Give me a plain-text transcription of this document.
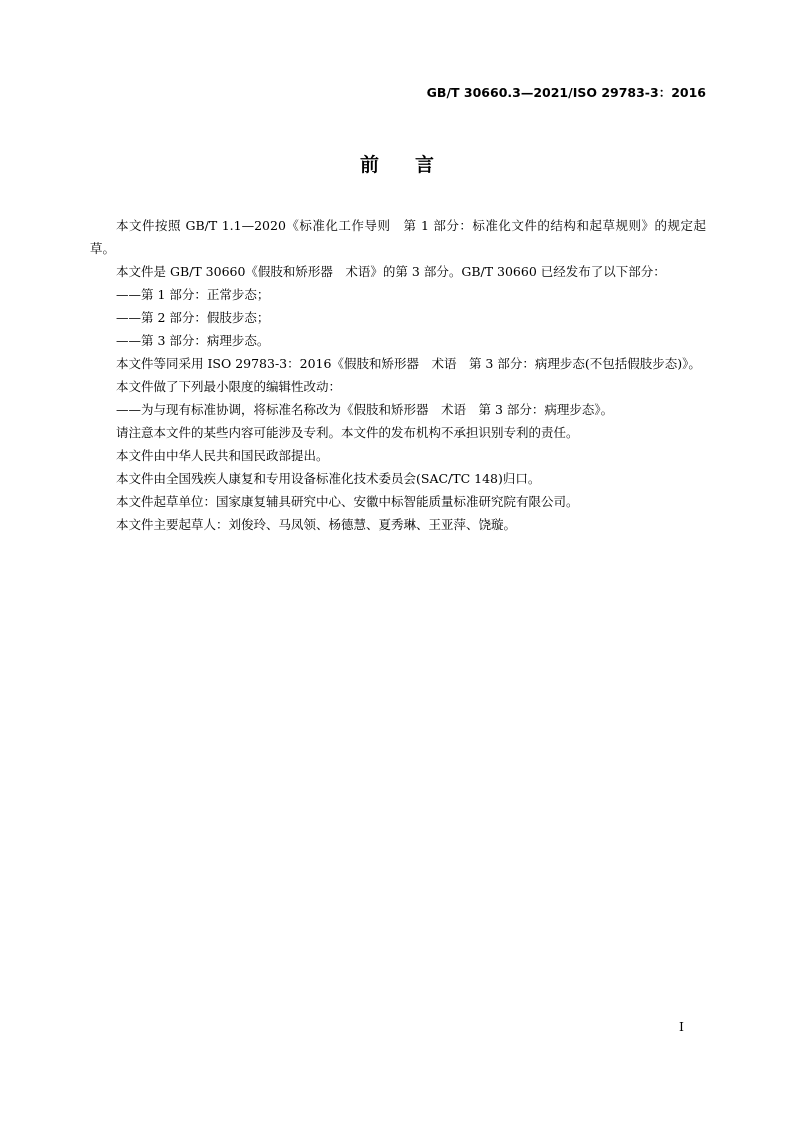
GB/T 30660.3—2021/ISO 29783-3：2016
前 言

本文件按照 GB/T 1.1—2020《标准化工作导则　第 1 部分：标准化文件的结构和起草规则》的规定起草。

本文件是 GB/T 30660《假肢和矫形器　术语》的第 3 部分。GB/T 30660 已经发布了以下部分：

——第 1 部分：正常步态；

——第 2 部分：假肢步态；

——第 3 部分：病理步态。

本文件等同采用 ISO 29783-3：2016《假肢和矫形器　术语　第 3 部分：病理步态(不包括假肢步态)》。

本文件做了下列最小限度的编辑性改动：

——为与现有标准协调，将标准名称改为《假肢和矫形器　术语　第 3 部分：病理步态》。

请注意本文件的某些内容可能涉及专利。本文件的发布机构不承担识别专利的责任。

本文件由中华人民共和国民政部提出。

本文件由全国残疾人康复和专用设备标准化技术委员会(SAC/TC 148)归口。

本文件起草单位：国家康复辅具研究中心、安徽中标智能质量标准研究院有限公司。

本文件主要起草人：刘俊玲、马凤领、杨德慧、夏秀琳、王亚萍、饶璇。

Ⅰ
